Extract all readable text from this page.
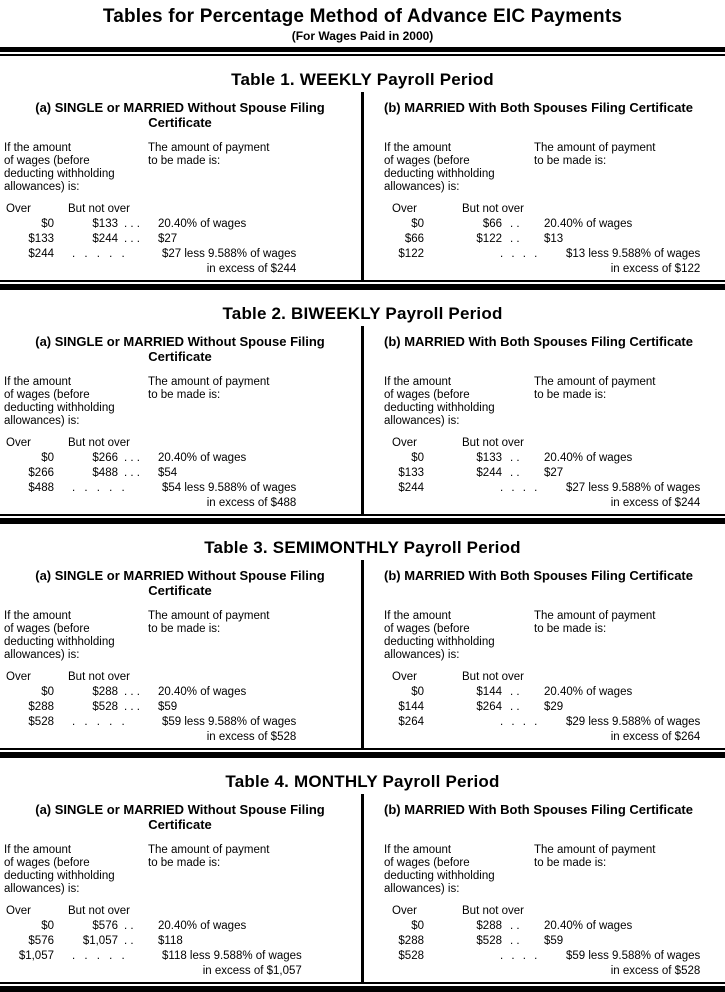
Tables for Percentage Method of Advance EIC Payments
(For Wages Paid in 2000)
Table 1. WEEKLY Payroll Period
(a) SINGLE or MARRIED Without Spouse Filing Certificate
If the amount
of wages (before
deducting withholding
allowances) is:
The amount of payment
to be made is:
Over	But not over
$0	$133 . . .	20.40% of wages
$133	$244 . . .	$27
$244	. . . . .	$27 less 9.588% of wages
in excess of $244
(b) MARRIED With Both Spouses Filing Certificate
If the amount
of wages (before
deducting withholding
allowances) is:
The amount of payment
to be made is:
Over	But not over
$0	$66 . .	20.40% of wages
$66	$122 . .	$13
$122	. . . .	$13 less 9.588% of wages
in excess of $122
Table 2. BIWEEKLY Payroll Period
(a) SINGLE or MARRIED Without Spouse Filing Certificate
If the amount
of wages (before
deducting withholding
allowances) is:
The amount of payment
to be made is:
Over	But not over
$0	$266 . . .	20.40% of wages
$266	$488 . . .	$54
$488	. . . . .	$54 less 9.588% of wages
in excess of $488
(b) MARRIED With Both Spouses Filing Certificate
If the amount
of wages (before
deducting withholding
allowances) is:
The amount of payment
to be made is:
Over	But not over
$0	$133 . .	20.40% of wages
$133	$244 . .	$27
$244	. . . .	$27 less 9.588% of wages
in excess of $244
Table 3. SEMIMONTHLY Payroll Period
(a) SINGLE or MARRIED Without Spouse Filing Certificate
If the amount
of wages (before
deducting withholding
allowances) is:
The amount of payment
to be made is:
Over	But not over
$0	$288 . . .	20.40% of wages
$288	$528 . . .	$59
$528	. . . . .	$59 less 9.588% of wages
in excess of $528
(b) MARRIED With Both Spouses Filing Certificate
If the amount
of wages (before
deducting withholding
allowances) is:
The amount of payment
to be made is:
Over	But not over
$0	$144 . .	20.40% of wages
$144	$264 . .	$29
$264	. . . .	$29 less 9.588% of wages
in excess of $264
Table 4. MONTHLY Payroll Period
(a) SINGLE or MARRIED Without Spouse Filing Certificate
If the amount
of wages (before
deducting withholding
allowances) is:
The amount of payment
to be made is:
Over	But not over
$0	$576 . .	20.40% of wages
$576	$1,057 . .	$118
$1,057	. . . . .	$118 less 9.588% of wages
in excess of $1,057
(b) MARRIED With Both Spouses Filing Certificate
If the amount
of wages (before
deducting withholding
allowances) is:
The amount of payment
to be made is:
Over	But not over
$0	$288 . .	20.40% of wages
$288	$528 . .	$59
$528	. . . .	$59 less 9.588% of wages
in excess of $528
